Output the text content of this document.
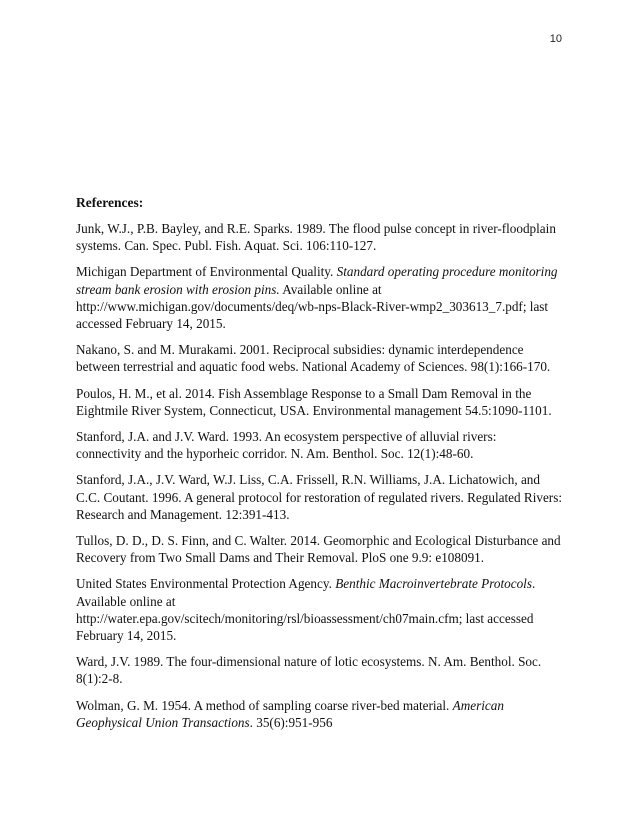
10
References:

Junk, W.J., P.B. Bayley, and R.E. Sparks. 1989. The flood pulse concept in river-floodplain systems. Can. Spec. Publ. Fish. Aquat. Sci. 106:110-127.

Michigan Department of Environmental Quality. Standard operating procedure monitoring stream bank erosion with erosion pins. Available online at http://www.michigan.gov/documents/deq/wb-nps-Black-River-wmp2_303613_7.pdf; last accessed February 14, 2015.

Nakano, S. and M. Murakami. 2001. Reciprocal subsidies: dynamic interdependence between terrestrial and aquatic food webs. National Academy of Sciences. 98(1):166-170.

Poulos, H. M., et al. 2014. Fish Assemblage Response to a Small Dam Removal in the Eightmile River System, Connecticut, USA. Environmental management 54.5:1090-1101.

Stanford, J.A. and J.V. Ward. 1993. An ecosystem perspective of alluvial rivers: connectivity and the hyporheic corridor. N. Am. Benthol. Soc. 12(1):48-60.

Stanford, J.A., J.V. Ward, W.J. Liss, C.A. Frissell, R.N. Williams, J.A. Lichatowich, and C.C. Coutant. 1996. A general protocol for restoration of regulated rivers. Regulated Rivers: Research and Management. 12:391-413.

Tullos, D. D., D. S. Finn, and C. Walter. 2014. Geomorphic and Ecological Disturbance and Recovery from Two Small Dams and Their Removal. PloS one 9.9: e108091.

United States Environmental Protection Agency. Benthic Macroinvertebrate Protocols. Available online at http://water.epa.gov/scitech/monitoring/rsl/bioassessment/ch07main.cfm; last accessed February 14, 2015.

Ward, J.V. 1989. The four-dimensional nature of lotic ecosystems. N. Am. Benthol. Soc. 8(1):2-8.

Wolman, G. M. 1954. A method of sampling coarse river-bed material. American Geophysical Union Transactions. 35(6):951-956
